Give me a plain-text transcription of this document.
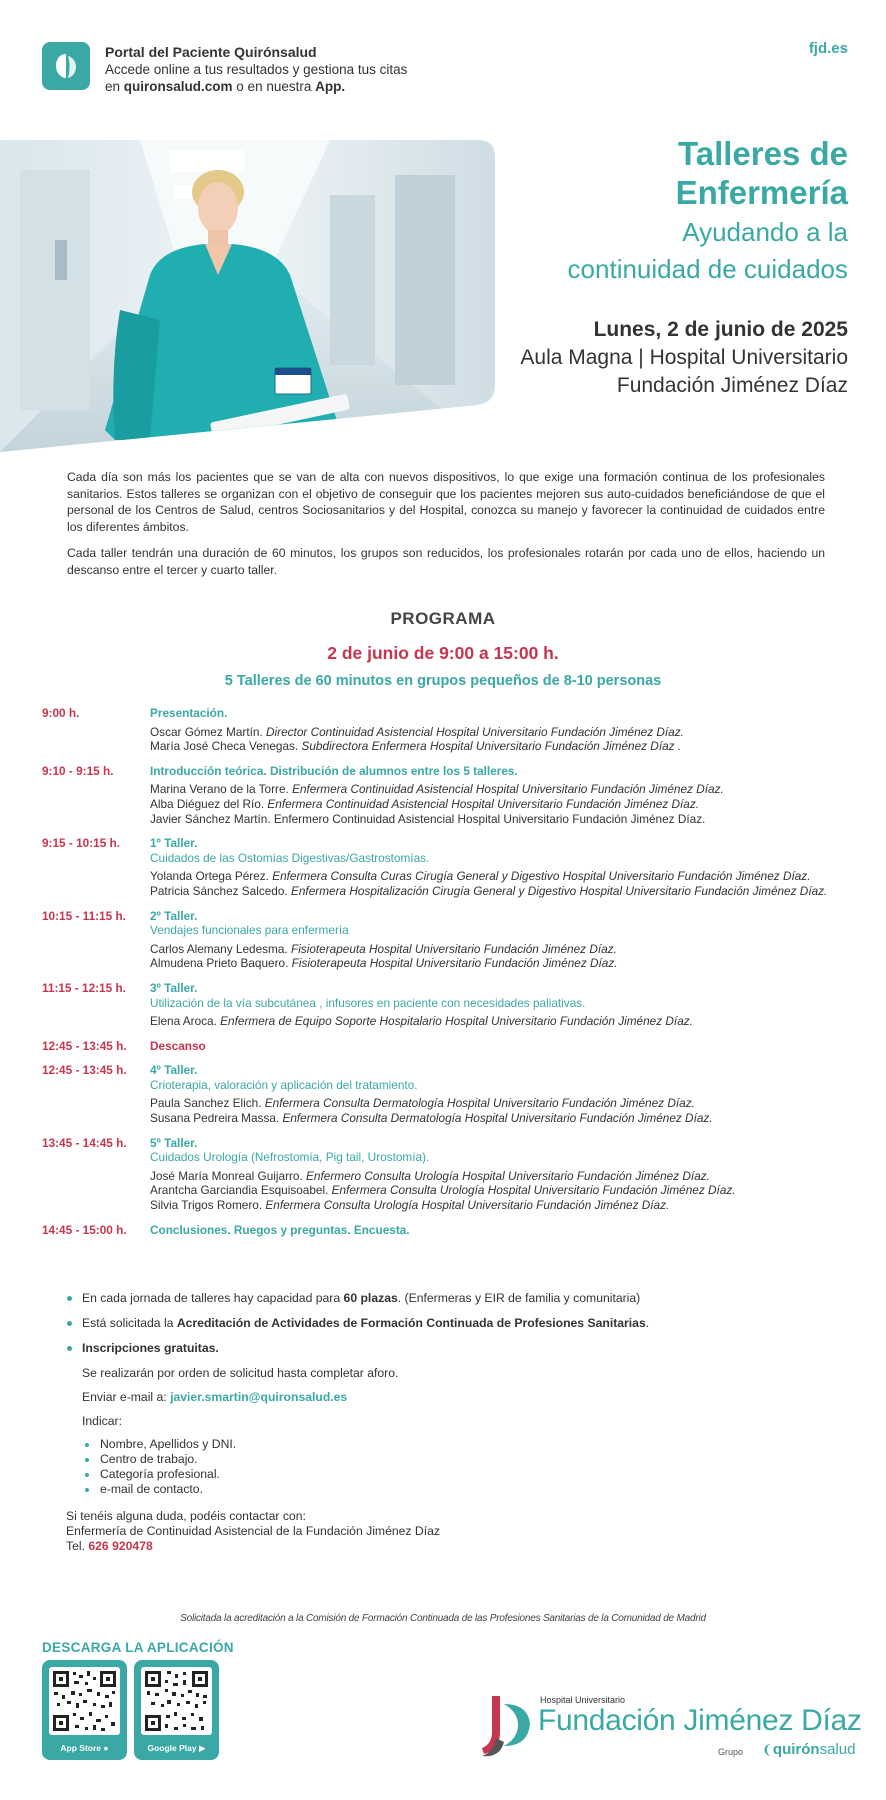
Portal del Paciente Quirónsalud
Accede online a tus resultados y gestiona tus citas
en quironsalud.com o en nuestra App.
fjd.es
Talleres de
Enfermería
Ayudando a la
continuidad de cuidados
Lunes, 2 de junio de 2025
Aula Magna | Hospital Universitario
Fundación Jiménez Díaz

Cada día son más los pacientes que se van de alta con nuevos dispositivos, lo que exige una formación continua de los profesionales sanitarios. Estos talleres se organizan con el objetivo de conseguir que los pacientes mejoren sus auto-cuidados beneficiándose de que el personal de los Centros de Salud, centros Sociosanitarios y del Hospital, conozca su manejo y favorecer la continuidad de cuidados entre los diferentes ámbitos.

Cada taller tendrán una duración de 60 minutos, los grupos son reducidos, los profesionales rotarán por cada uno de ellos, haciendo un descanso entre el tercer y cuarto taller.

PROGRAMA
2 de junio de 9:00 a 15:00 h.
5 Talleres de 60 minutos en grupos pequeños de 8-10 personas
9:00 h.	Presentación.
Oscar Gómez Martín. Director Continuidad Asistencial Hospital Universitario Fundación Jiménez Díaz.
María José Checa Venegas. Subdirectora Enfermera Hospital Universitario Fundación Jiménez Díaz .
9:10 - 9:15 h.	Introducción teórica. Distribución de alumnos entre los 5 talleres.
Marina Verano de la Torre. Enfermera Continuidad Asistencial Hospital Universitario Fundación Jiménez Díaz.
Alba Diéguez del Río. Enfermera Continuidad Asistencial Hospital Universitario Fundación Jiménez Díaz.
Javier Sánchez Martín. Enfermero Continuidad Asistencial Hospital Universitario Fundación Jiménez Díaz.
9:15 - 10:15 h.	1º Taller.
Cuidados de las Ostomías Digestivas/Gastrostomías.
Yolanda Ortega Pérez. Enfermera Consulta Curas Cirugía General y Digestivo Hospital Universitario Fundación Jiménez Díaz.
Patricia Sánchez Salcedo. Enfermera Hospitalización Cirugía General y Digestivo Hospital Universitario Fundación Jiménez Díaz.
10:15 - 11:15 h.	2º Taller.
Vendajes funcionales para enfermería
Carlos Alemany Ledesma. Fisioterapeuta Hospital Universitario Fundación Jiménez Díaz.
Almudena Prieto Baquero. Fisioterapeuta Hospital Universitario Fundación Jiménez Díaz.
11:15 - 12:15 h.	3º Taller.
Utilización de la vía subcutánea , infusores en paciente con necesidades paliativas.
Elena Aroca. Enfermera de Equipo Soporte Hospitalario Hospital Universitario Fundación Jiménez Díaz.
12:45 - 13:45 h.	Descanso
12:45 - 13:45 h.	4º Taller.
Crioterapia, valoración y aplicación del tratamiento.
Paula Sanchez Elich. Enfermera Consulta Dermatología Hospital Universitario Fundación Jiménez Díaz.
Susana Pedreira Massa. Enfermera Consulta Dermatología Hospital Universitario Fundación Jiménez Díaz.
13:45 - 14:45 h.	5º Taller.
Cuidados Urología (Nefrostomía, Pig tail, Urostomía).
José María Monreal Guijarro. Enfermero Consulta Urología Hospital Universitario Fundación Jiménez Díaz.
Arantcha Garciandia Esquisoabel. Enfermera Consulta Urología Hospital Universitario Fundación Jiménez Díaz.
Silvia Trigos Romero. Enfermera Consulta Urología Hospital Universitario Fundación Jiménez Díaz.
14:45 - 15:00 h.	Conclusiones. Ruegos y preguntas. Encuesta.
En cada jornada de talleres hay capacidad para 60 plazas. (Enfermeras y EIR de familia y comunitaria)
Está solicitada la Acreditación de Actividades de Formación Continuada de Profesiones Sanitarias.
Inscripciones gratuitas.
Se realizarán por orden de solicitud hasta completar aforo.
Enviar e-mail a: javier.smartin@quironsalud.es
Indicar:
Nombre, Apellidos y DNI.
Centro de trabajo.
Categoría profesional.
e-mail de contacto.
Si tenéis alguna duda, podéis contactar con:
Enfermería de Continuidad Asistencial de la Fundación Jiménez Díaz
Tel. 626 920478
Solicitada la acreditación a la Comisión de Formación Continuada de las Profesiones Sanitarias de la Comunidad de Madrid
DESCARGA LA APLICACIÓN
App Store ●	Google Play ▶
Hospital Universitario
Fundación Jiménez Díaz
Grupo ❨quirónsalud
